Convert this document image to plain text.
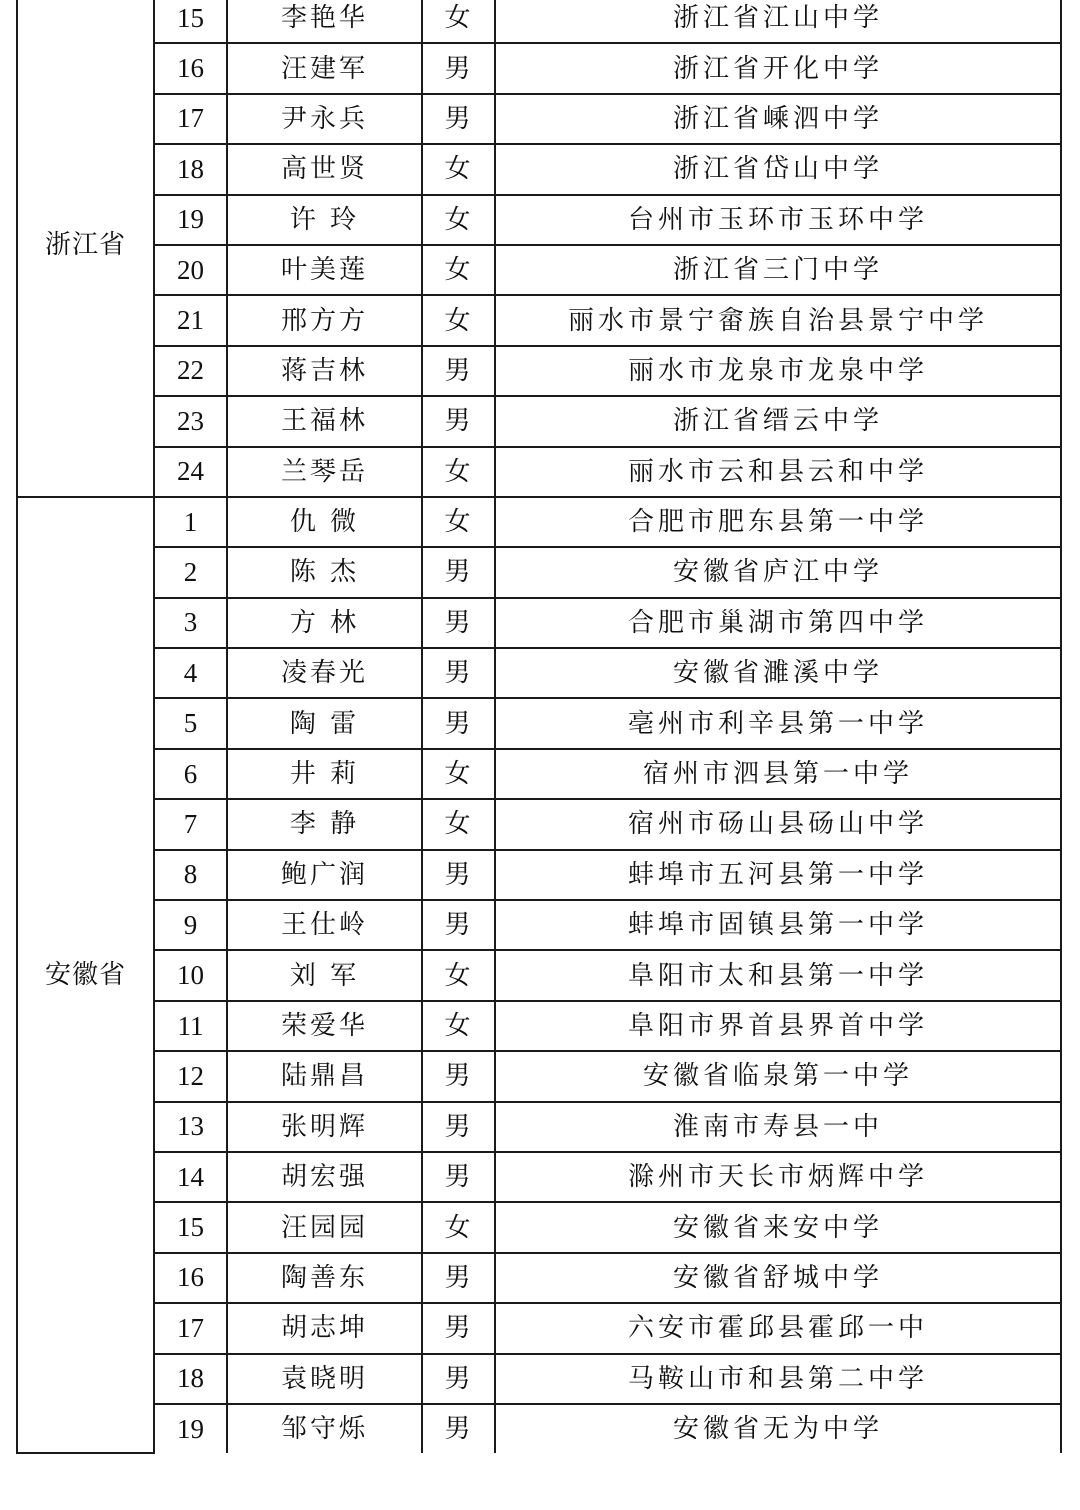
浙江省	15	李艳华	女	浙江省江山中学
	16	汪建军	男	浙江省开化中学
	17	尹永兵	男	浙江省嵊泗中学
	18	高世贤	女	浙江省岱山中学
	19	许 玲	女	台州市玉环市玉环中学
	20	叶美莲	女	浙江省三门中学
	21	邢方方	女	丽水市景宁畲族自治县景宁中学
	22	蒋吉林	男	丽水市龙泉市龙泉中学
	23	王福林	男	浙江省缙云中学
	24	兰琴岳	女	丽水市云和县云和中学
安徽省	1	仇 微	女	合肥市肥东县第一中学
	2	陈 杰	男	安徽省庐江中学
	3	方 林	男	合肥市巢湖市第四中学
	4	凌春光	男	安徽省濉溪中学
	5	陶 雷	男	亳州市利辛县第一中学
	6	井 莉	女	宿州市泗县第一中学
	7	李 静	女	宿州市砀山县砀山中学
	8	鲍广润	男	蚌埠市五河县第一中学
	9	王仕岭	男	蚌埠市固镇县第一中学
	10	刘 军	女	阜阳市太和县第一中学
	11	荣爱华	女	阜阳市界首县界首中学
	12	陆鼎昌	男	安徽省临泉第一中学
	13	张明辉	男	淮南市寿县一中
	14	胡宏强	男	滁州市天长市炳辉中学
	15	汪园园	女	安徽省来安中学
	16	陶善东	男	安徽省舒城中学
	17	胡志坤	男	六安市霍邱县霍邱一中
	18	袁晓明	男	马鞍山市和县第二中学
	19	邹守烁	男	安徽省无为中学
